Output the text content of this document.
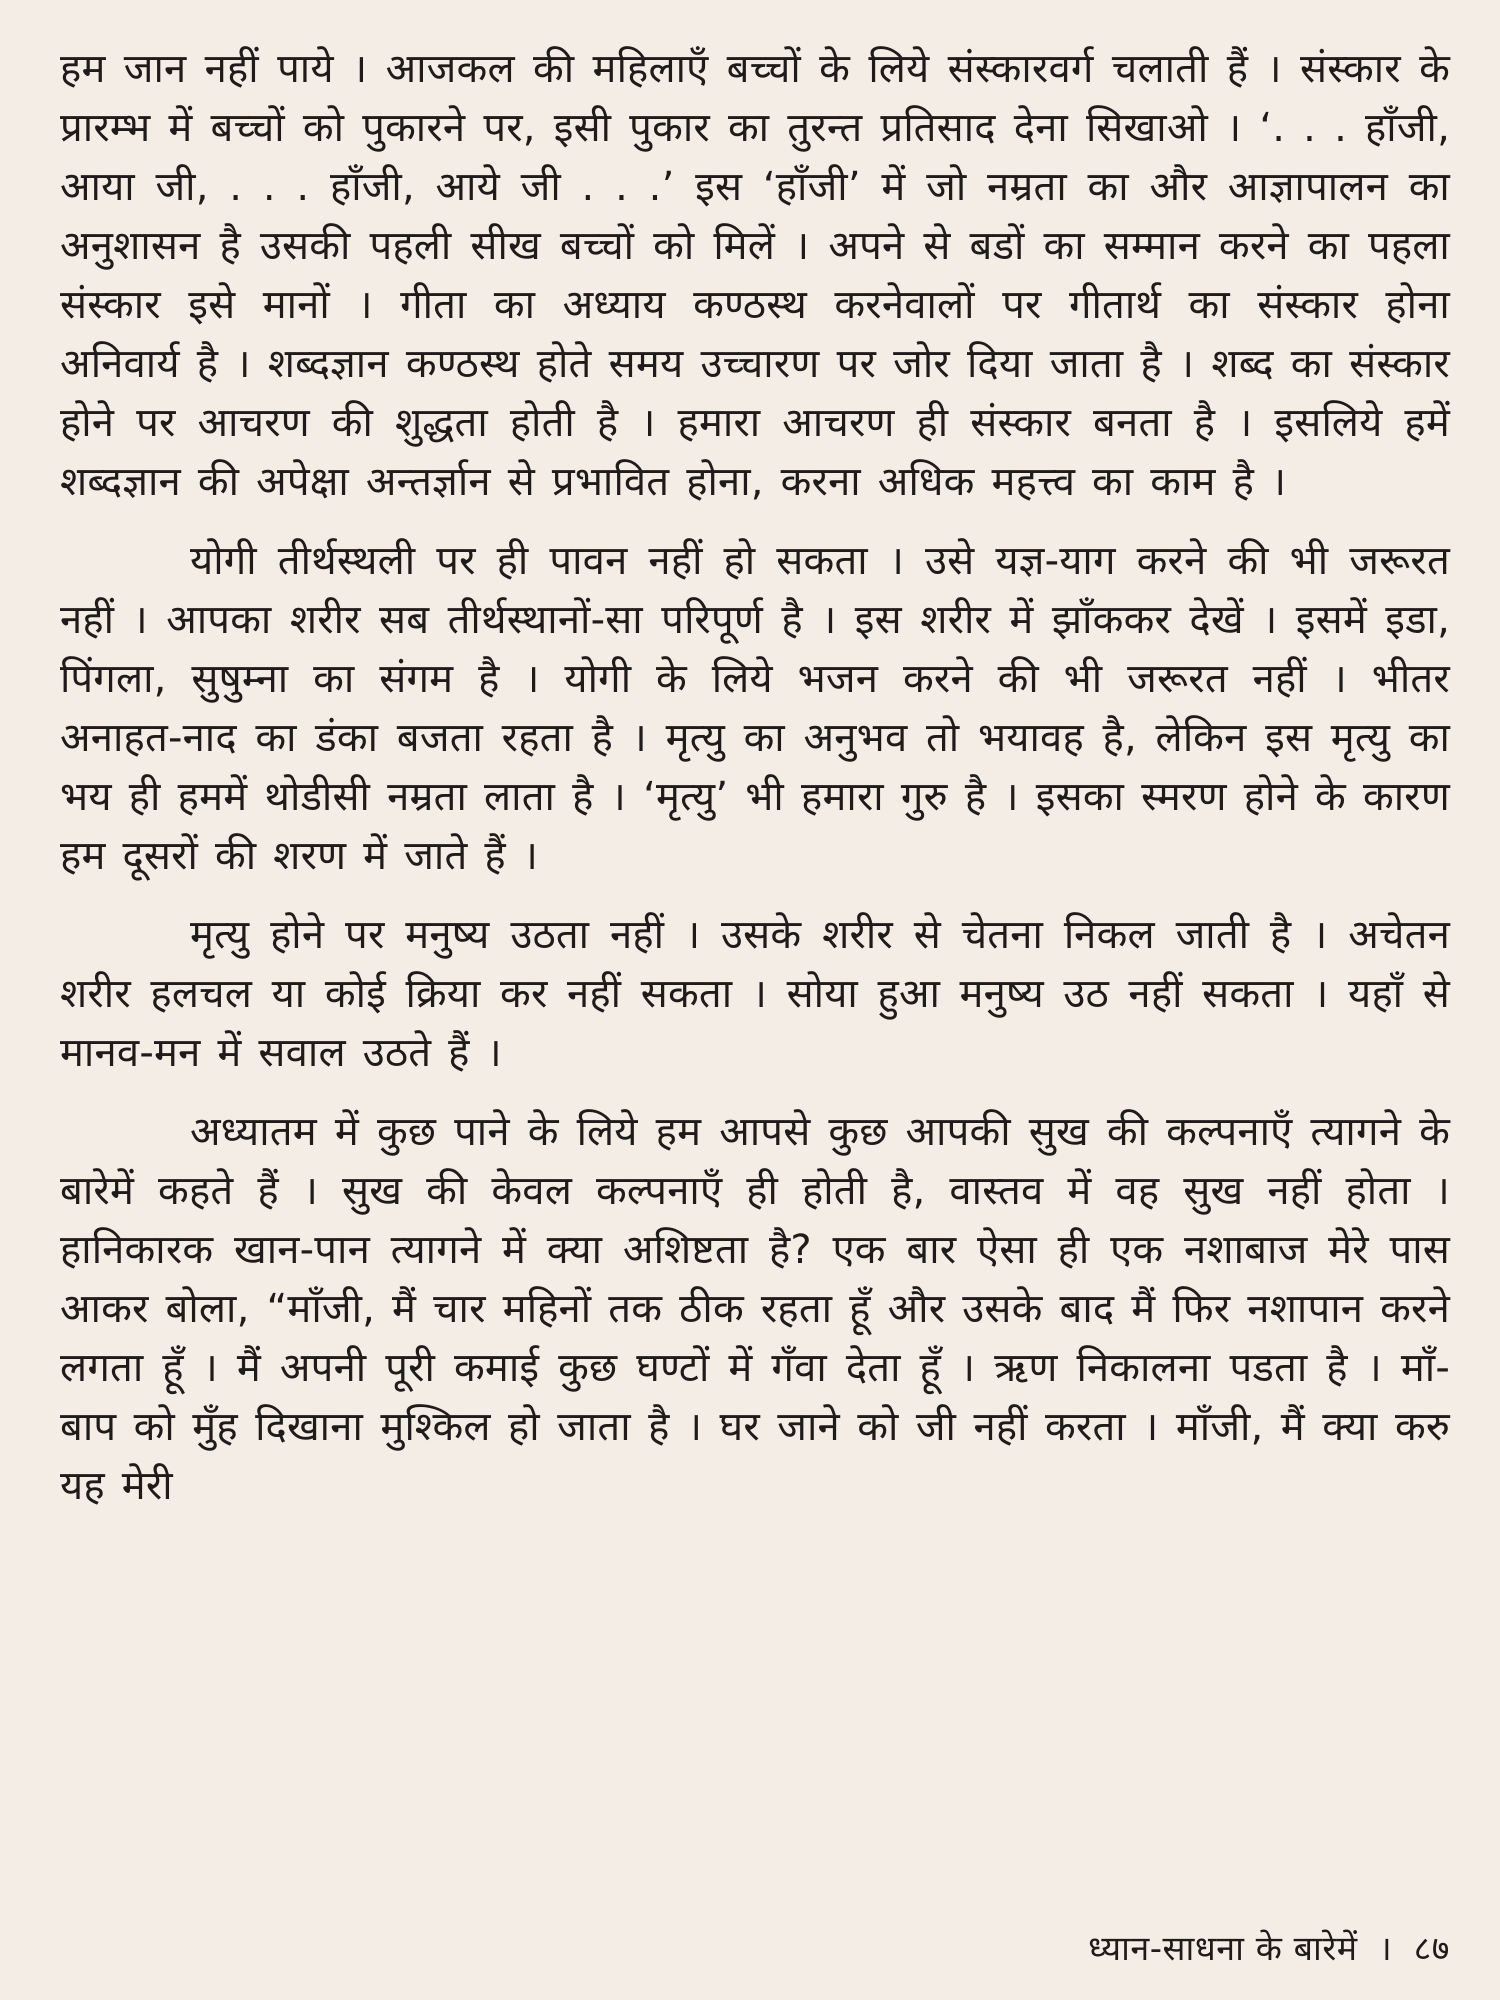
हम जान नहीं पाये । आजकल की महिलाएँ बच्चों के लिये संस्कारवर्ग चलाती हैं । संस्कार के प्रारम्भ में बच्चों को पुकारने पर, इसी पुकार का तुरन्त प्रतिसाद देना सिखाओ । ‘. . . हाँजी, आया जी, . . . हाँजी, आये जी . . .’ इस ‘हाँजी’ में जो नम्रता का और आज्ञापालन का अनुशासन है उसकी पहली सीख बच्चों को मिलें । अपने से बडों का सम्मान करने का पहला संस्कार इसे मानों । गीता का अध्याय कण्ठस्थ करनेवालों पर गीतार्थ का संस्कार होना अनिवार्य है । शब्दज्ञान कण्ठस्थ होते समय उच्चारण पर जोर दिया जाता है । शब्द का संस्कार होने पर आचरण की शुद्धता होती है । हमारा आचरण ही संस्कार बनता है । इसलिये हमें शब्दज्ञान की अपेक्षा अन्तर्ज्ञान से प्रभावित होना, करना अधिक महत्त्व का काम है ।

योगी तीर्थस्थली पर ही पावन नहीं हो सकता । उसे यज्ञ-याग करने की भी जरूरत नहीं । आपका शरीर सब तीर्थस्थानों-सा परिपूर्ण है । इस शरीर में झाँककर देखें । इसमें इडा, पिंगला, सुषुम्ना का संगम है । योगी के लिये भजन करने की भी जरूरत नहीं । भीतर अनाहत-नाद का डंका बजता रहता है । मृत्यु का अनुभव तो भयावह है, लेकिन इस मृत्यु का भय ही हममें थोडीसी नम्रता लाता है । ‘मृत्यु’ भी हमारा गुरु है । इसका स्मरण होने के कारण हम दूसरों की शरण में जाते हैं ।

मृत्यु होने पर मनुष्य उठता नहीं । उसके शरीर से चेतना निकल जाती है । अचेतन शरीर हलचल या कोई क्रिया कर नहीं सकता । सोया हुआ मनुष्य उठ नहीं सकता । यहाँ से मानव-मन में सवाल उठते हैं ।

अध्यातम में कुछ पाने के लिये हम आपसे कुछ आपकी सुख की कल्पनाएँ त्यागने के बारेमें कहते हैं । सुख की केवल कल्पनाएँ ही होती है, वास्तव में वह सुख नहीं होता । हानिकारक खान-पान त्यागने में क्या अशिष्टता है? एक बार ऐसा ही एक नशाबाज मेरे पास आकर बोला, “माँजी, मैं चार महिनों तक ठीक रहता हूँ और उसके बाद मैं फिर नशापान करने लगता हूँ । मैं अपनी पूरी कमाई कुछ घण्टों में गँवा देता हूँ । ऋण निकालना पडता है । माँ-बाप को मुँह दिखाना मुश्किल हो जाता है । घर जाने को जी नहीं करता । माँजी, मैं क्या करु यह मेरी

ध्यान-साधना के बारेमें । ८७
